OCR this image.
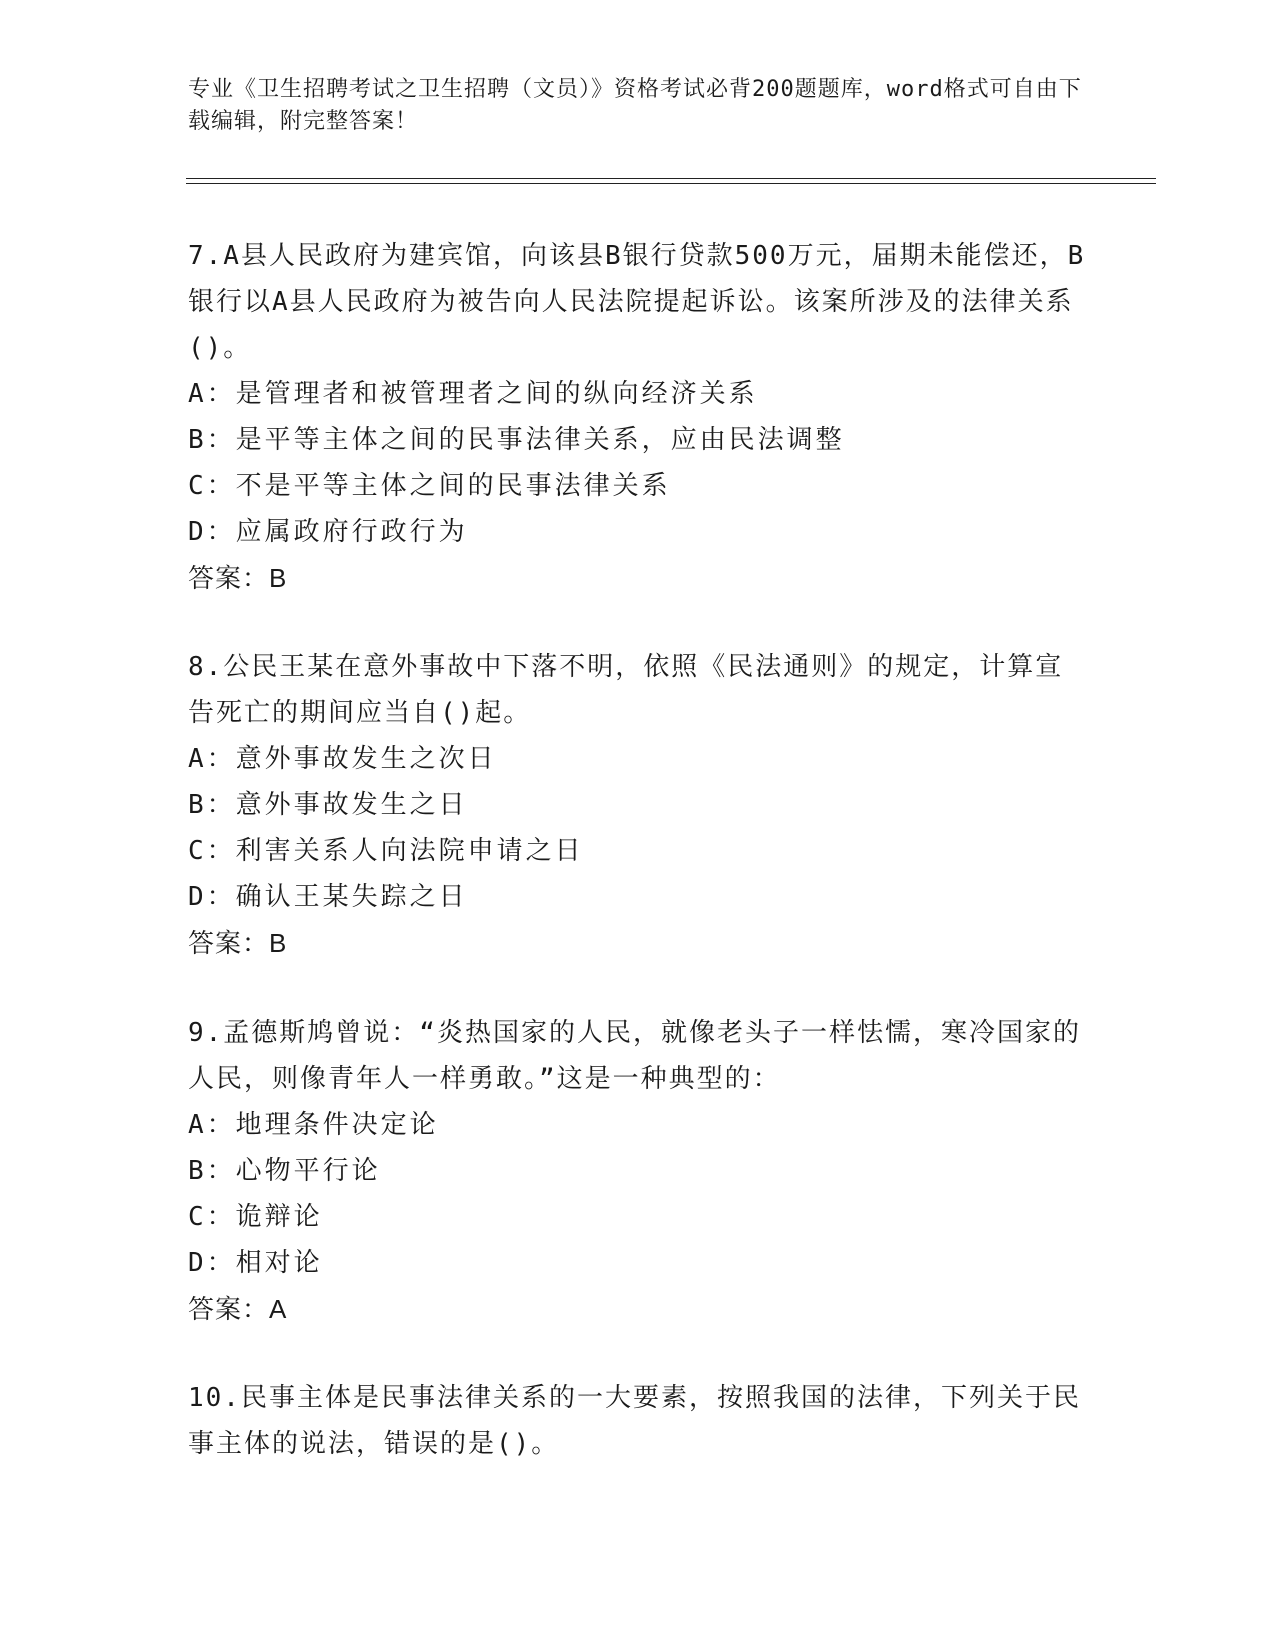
专业《卫生招聘考试之卫生招聘（文员）》资格考试必背200题题库，word格式可自由下载编辑，附完整答案！

7.A县人民政府为建宾馆，向该县B银行贷款500万元，届期未能偿还，B银行以A县人民政府为被告向人民法院提起诉讼。该案所涉及的法律关系()。

A：是管理者和被管理者之间的纵向经济关系

B：是平等主体之间的民事法律关系，应由民法调整

C：不是平等主体之间的民事法律关系

D：应属政府行政行为

答案：B

8.公民王某在意外事故中下落不明，依照《民法通则》的规定，计算宣告死亡的期间应当自()起。

A：意外事故发生之次日

B：意外事故发生之日

C：利害关系人向法院申请之日

D：确认王某失踪之日

答案：B

9.孟德斯鸠曾说：“炎热国家的人民，就像老头子一样怯懦，寒冷国家的人民，则像青年人一样勇敢。”这是一种典型的：

A：地理条件决定论

B：心物平行论

C：诡辩论

D：相对论

答案：A

10.民事主体是民事法律关系的一大要素，按照我国的法律，下列关于民事主体的说法，错误的是()。
